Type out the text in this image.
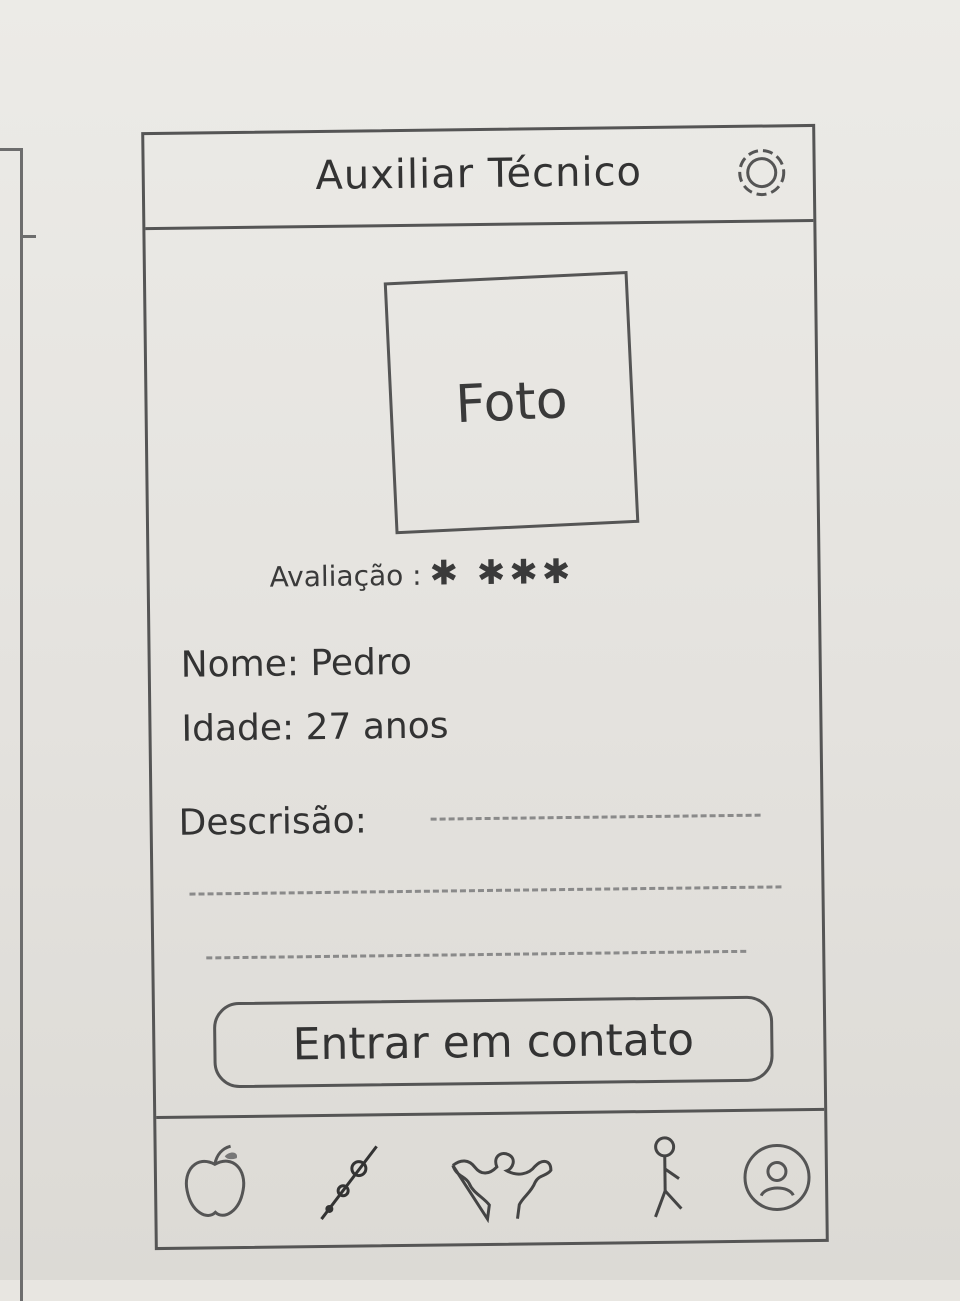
Auxiliar Técnico
Foto
Avaliação : ✱ ✱✱✱
Nome: Pedro
Idade: 27 anos
Descrisão:
Entrar em contato
